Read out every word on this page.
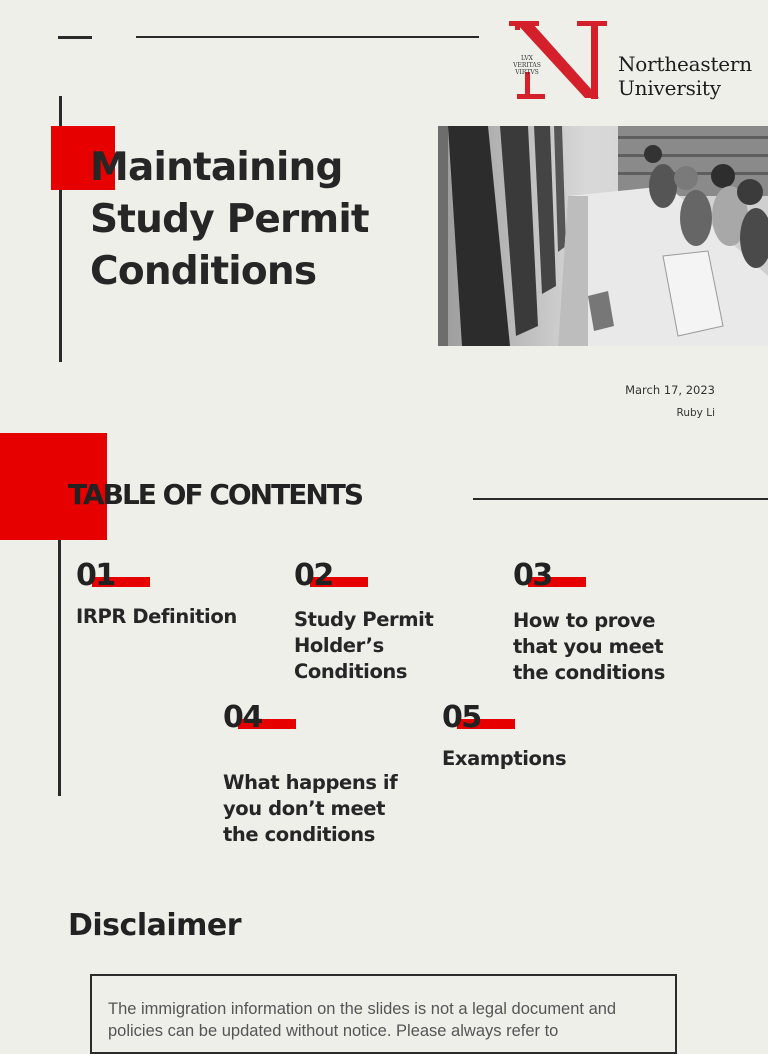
LVX
VERITAS
VIRTVS	Northeastern
University
Maintaining
Study Permit
Conditions
March 17, 2023
Ruby Li
TABLE OF CONTENTS
01

IRPR Definition

02

Study Permit
Holder’s
Conditions

03

How to prove
that you meet
the conditions

04

What happens if
you don’t meet
the conditions

05

Examptions

Disclaimer

The immigration information on the slides is not a legal document and policies can be updated without notice. Please always refer to
